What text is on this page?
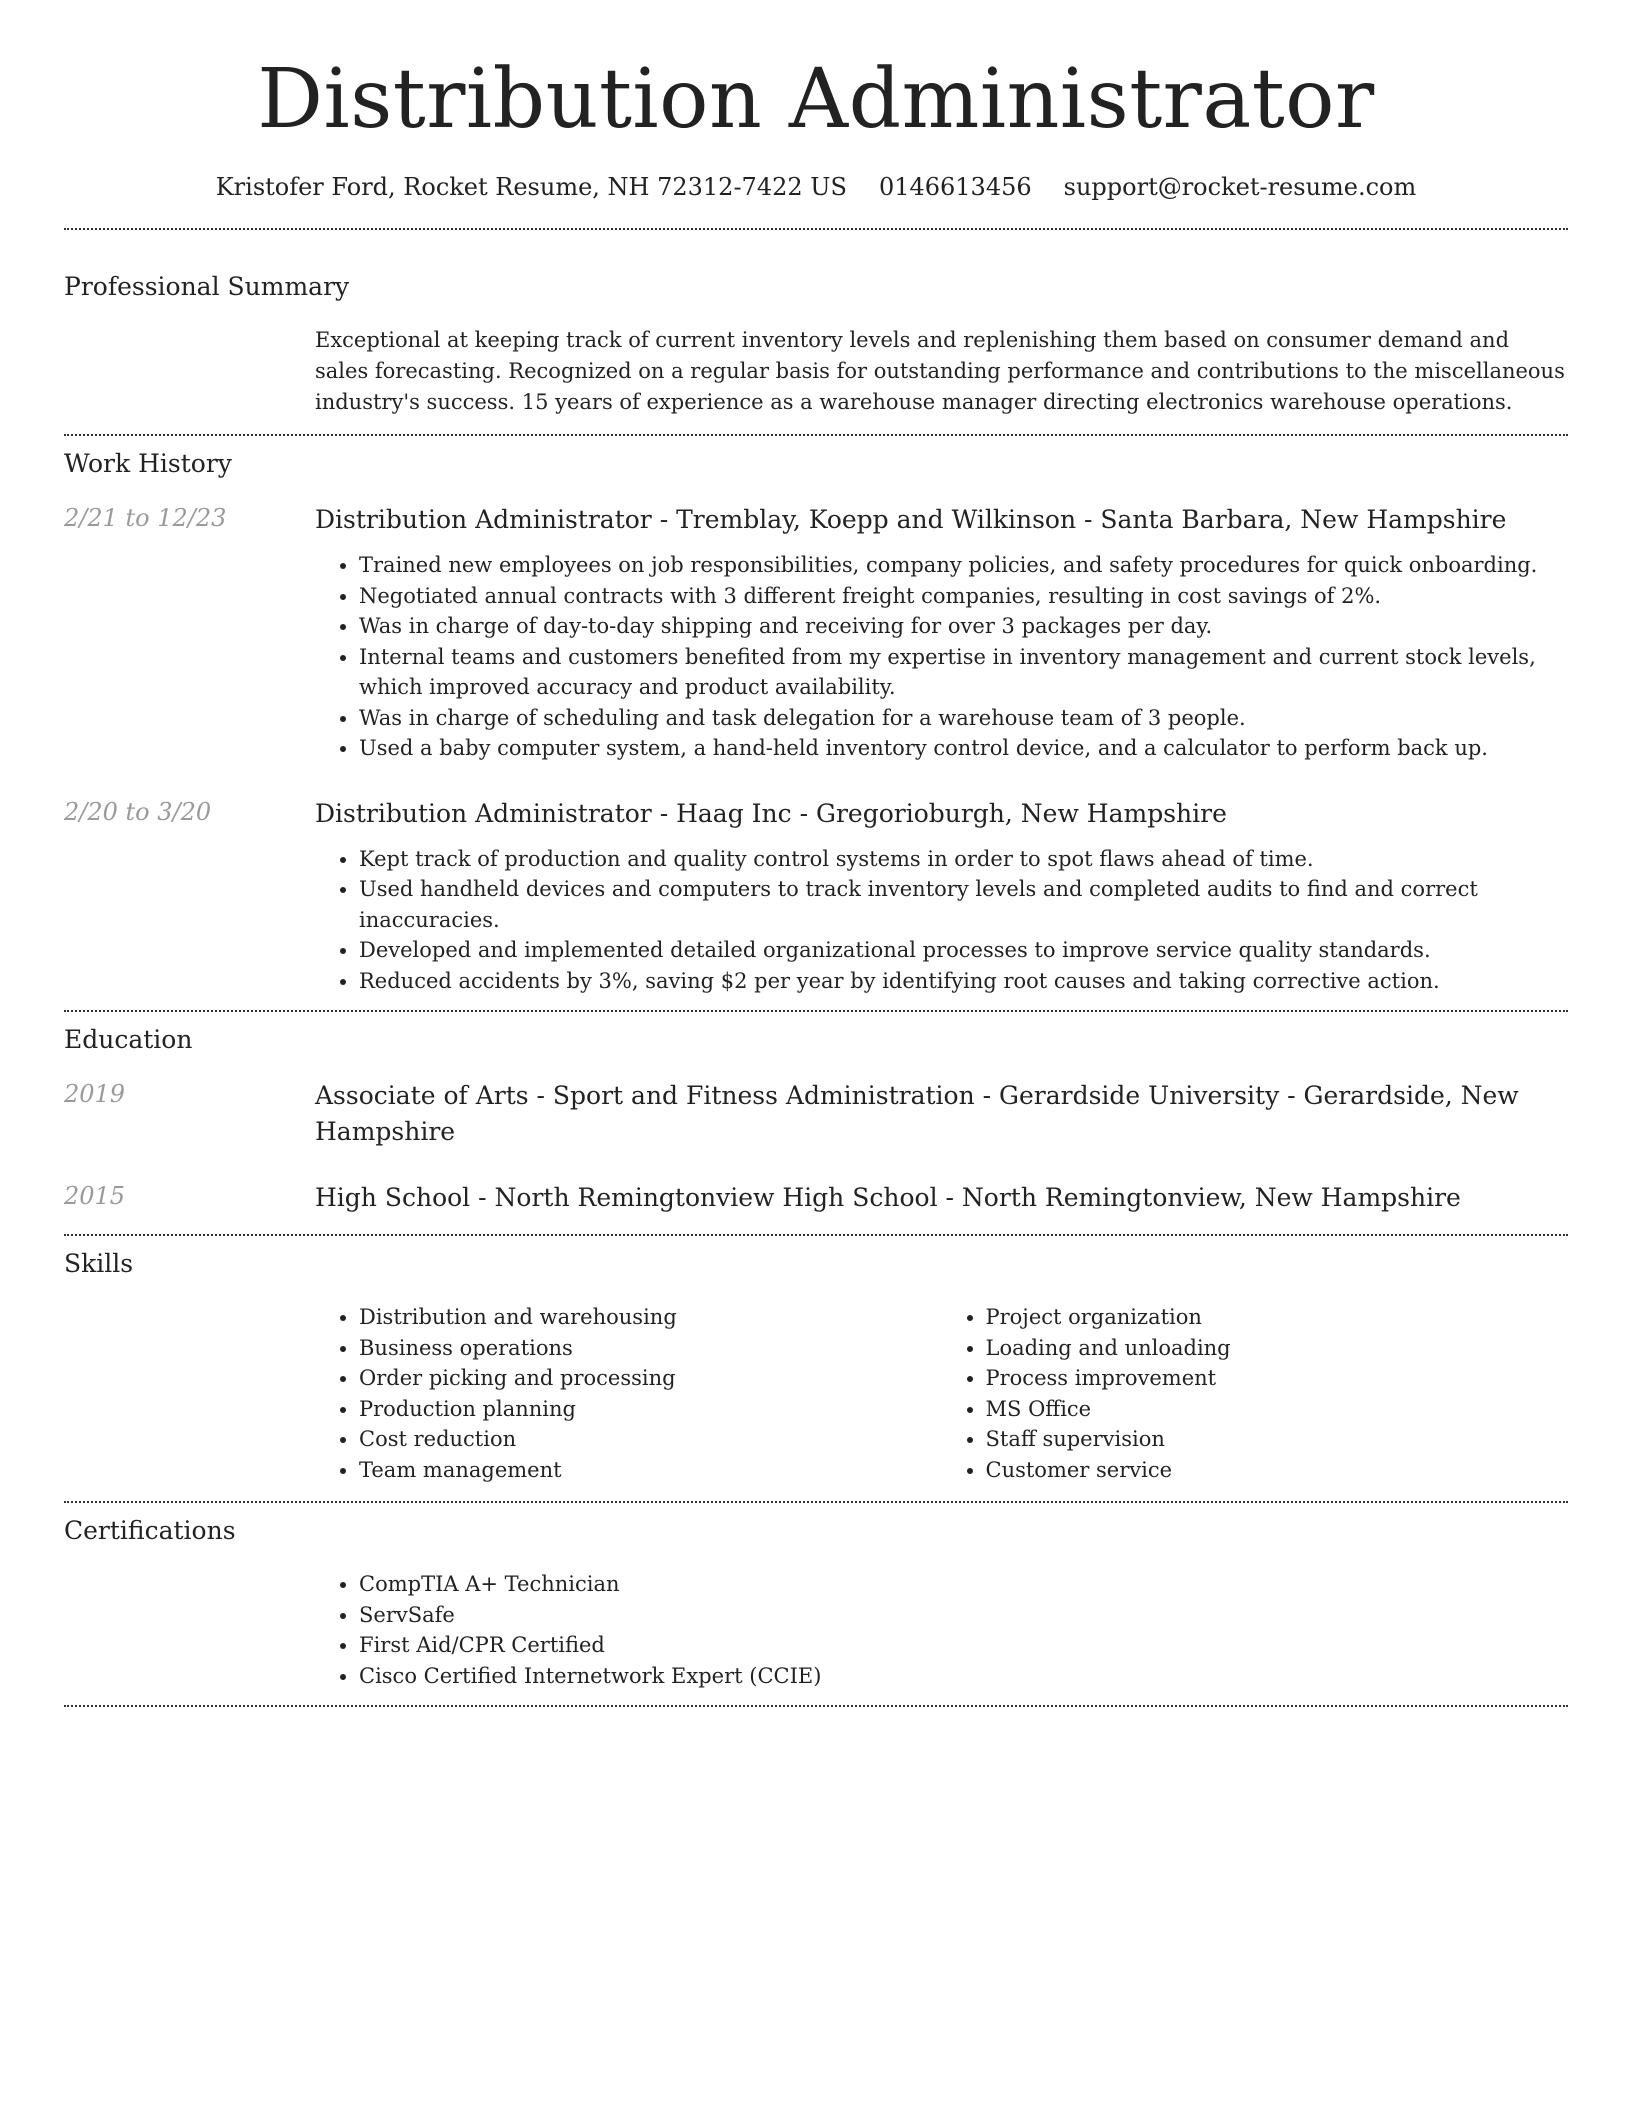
Distribution Administrator
Kristofer Ford, Rocket Resume, NH 72312-7422 US 0146613456 support@rocket-resume.com
Professional Summary
Exceptional at keeping track of current inventory levels and replenishing them based on consumer demand and sales forecasting. Recognized on a regular basis for outstanding performance and contributions to the miscellaneous industry's success. 15 years of experience as a warehouse manager directing electronics warehouse operations.
Work History
2/21 to 12/23	Distribution Administrator - Tremblay, Koepp and Wilkinson - Santa Barbara, New Hampshire
• Trained new employees on job responsibilities, company policies, and safety procedures for quick onboarding.
• Negotiated annual contracts with 3 different freight companies, resulting in cost savings of 2%.
• Was in charge of day-to-day shipping and receiving for over 3 packages per day.
• Internal teams and customers benefited from my expertise in inventory management and current stock levels, which improved accuracy and product availability.
• Was in charge of scheduling and task delegation for a warehouse team of 3 people.
• Used a baby computer system, a hand-held inventory control device, and a calculator to perform back up.
2/20 to 3/20	Distribution Administrator - Haag Inc - Gregorioburgh, New Hampshire
• Kept track of production and quality control systems in order to spot flaws ahead of time.
• Used handheld devices and computers to track inventory levels and completed audits to find and correct inaccuracies.
• Developed and implemented detailed organizational processes to improve service quality standards.
• Reduced accidents by 3%, saving $2 per year by identifying root causes and taking corrective action.
Education
2019	Associate of Arts - Sport and Fitness Administration - Gerardside University - Gerardside, New Hampshire
2015	High School - North Remingtonview High School - North Remingtonview, New Hampshire
Skills
• Distribution and warehousing
• Business operations
• Order picking and processing
• Production planning
• Cost reduction
• Team management
• Project organization
• Loading and unloading
• Process improvement
• MS Office
• Staff supervision
• Customer service
Certifications
• CompTIA A+ Technician
• ServSafe
• First Aid/CPR Certified
• Cisco Certified Internetwork Expert (CCIE)
